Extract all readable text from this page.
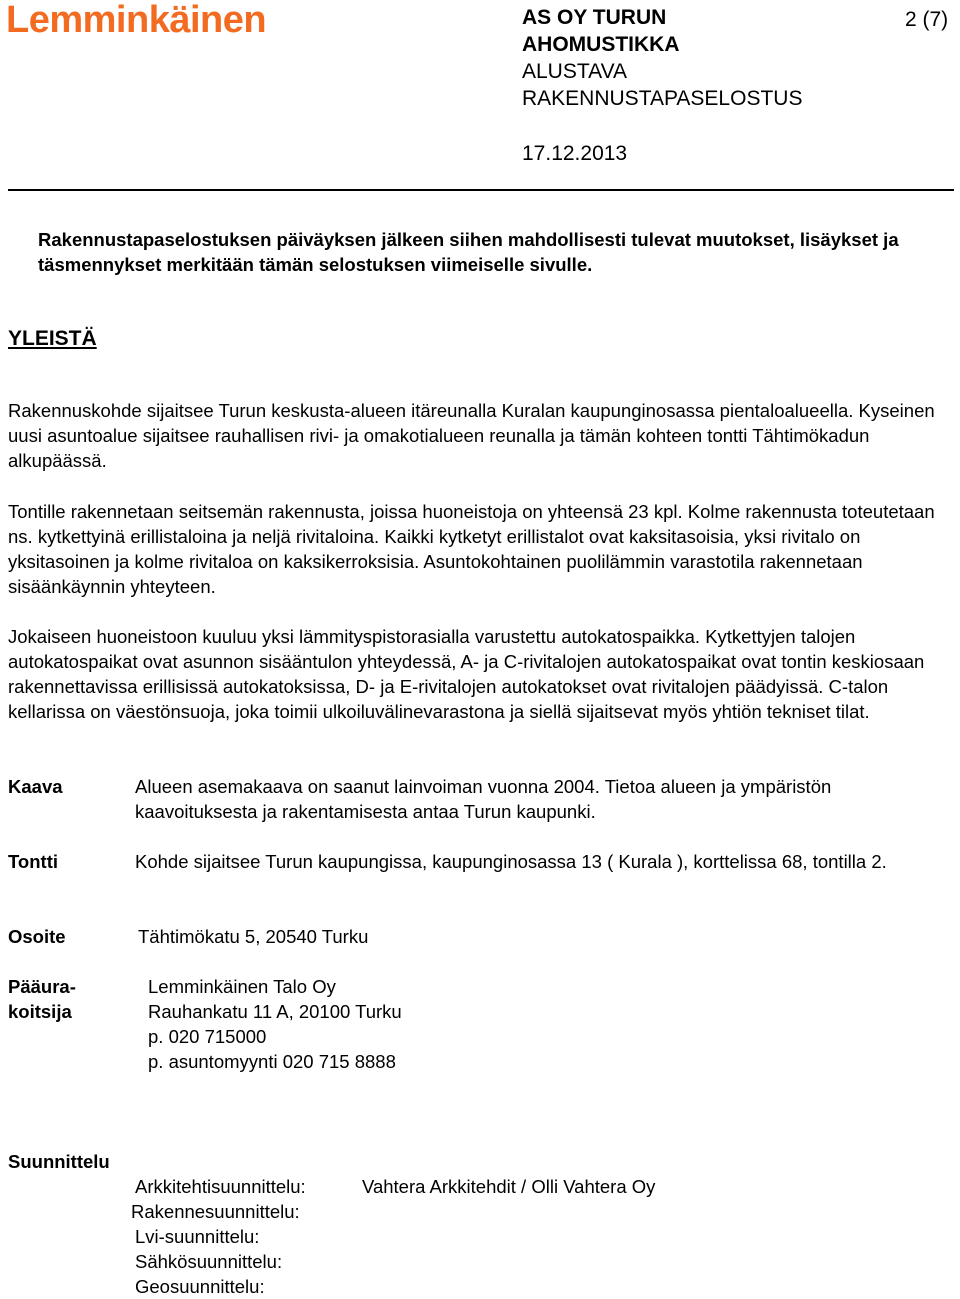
Lemminkäinen	AS OY TURUN
AHOMUSTIKKA
ALUSTAVA
RAKENNUSTAPASELOSTUS
17.12.2013
2 (7)
Rakennustapaselostuksen päiväyksen jälkeen siihen mahdollisesti tulevat muutokset, lisäykset ja täsmennykset merkitään tämän selostuksen viimeiselle sivulle.
YLEISTÄ
Rakennuskohde sijaitsee Turun keskusta-alueen itäreunalla Kuralan kaupunginosassa pientaloalueella. Kyseinen uusi asuntoalue sijaitsee rauhallisen rivi- ja omakotialueen reunalla ja tämän kohteen tontti Tähtimökadun alkupäässä.
Tontille rakennetaan seitsemän rakennusta, joissa huoneistoja on yhteensä 23 kpl. Kolme rakennusta toteutetaan ns. kytkettyinä erillistaloina ja neljä rivitaloina. Kaikki kytketyt erillistalot ovat kaksitasoisia, yksi rivitalo on yksitasoinen ja kolme rivitaloa on kaksikerroksisia. Asuntokohtainen puolilämmin varastotila rakennetaan sisäänkäynnin yhteyteen.
Jokaiseen huoneistoon kuuluu yksi lämmityspistorasialla varustettu autokatospaikka. Kytkettyjen talojen autokatospaikat ovat asunnon sisääntulon yhteydessä, A- ja C-rivitalojen autokatospaikat ovat tontin keskiosaan rakennettavissa erillisissä autokatoksissa, D- ja E-rivitalojen autokatokset ovat rivitalojen päädyissä. C-talon kellarissa on väestönsuoja, joka toimii ulkoiluvälinevarastona ja siellä sijaitsevat myös yhtiön tekniset tilat.
Kaava	Alueen asemakaava on saanut lainvoiman vuonna 2004. Tietoa alueen ja ympäristön kaavoituksesta ja rakentamisesta antaa Turun kaupunki.
Tontti	Kohde sijaitsee Turun kaupungissa, kaupunginosassa 13 ( Kurala ), korttelissa 68, tontilla 2.
Osoite	Tähtimökatu 5, 20540 Turku
Pääura-
koitsija
Lemminkäinen Talo Oy
Rauhankatu 11 A, 20100 Turku
p. 020 715000
p. asuntomyynti 020 715 8888
Suunnittelu
Arkkitehtisuunnittelu:	Vahtera Arkkitehdit / Olli Vahtera Oy
Rakennesuunnittelu:
Lvi-suunnittelu:
Sähkösuunnittelu:
Geosuunnittelu:
